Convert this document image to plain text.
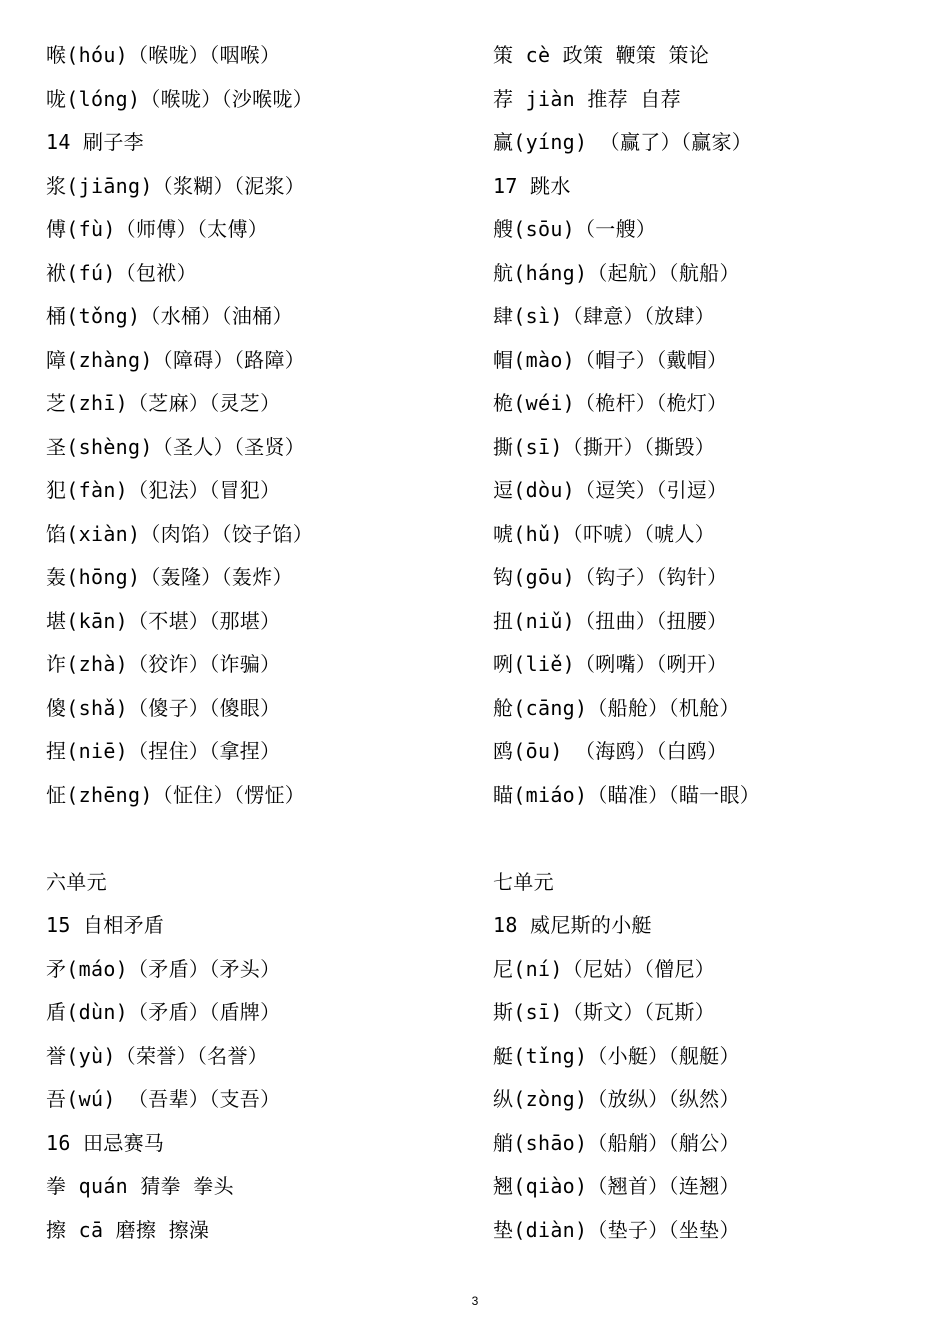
喉(hóu)（喉咙）（咽喉）
咙(lóng)（喉咙）（沙喉咙）
14 刷子李
浆(jiāng)（浆糊）（泥浆）
傅(fù)（师傅）（太傅）
袱(fú)（包袱）
桶(tǒng)（水桶）（油桶）
障(zhàng)（障碍）（路障）
芝(zhī)（芝麻）（灵芝）
圣(shèng)（圣人）（圣贤）
犯(fàn)（犯法）（冒犯）
馅(xiàn)（肉馅）（饺子馅）
轰(hōng)（轰隆）（轰炸）
堪(kān)（不堪）（那堪）
诈(zhà)（狡诈）（诈骗）
傻(shǎ)（傻子）（傻眼）
捏(niē)（捏住）（拿捏）
怔(zhēng)（怔住）（愣怔）
六单元
15 自相矛盾
矛(máo)（矛盾）（矛头）
盾(dùn)（矛盾）（盾牌）
誉(yù)（荣誉）（名誉）
吾(wú) （吾辈）（支吾）
16 田忌赛马
拳 quán 猜拳 拳头
擦 cā 磨擦 擦澡
策 cè 政策 鞭策 策论
荐 jiàn 推荐 自荐
赢(yíng) （赢了）（赢家）
17 跳水
艘(sōu)（一艘）
航(háng)（起航）（航船）
肆(sì)（肆意）（放肆）
帽(mào)（帽子）（戴帽）
桅(wéi)（桅杆）（桅灯）
撕(sī)（撕开）（撕毁）
逗(dòu)（逗笑）（引逗）
唬(hǔ)（吓唬）（唬人）
钩(gōu)（钩子）（钩针）
扭(niǔ)（扭曲）（扭腰）
咧(liě)（咧嘴）（咧开）
舱(cāng)（船舱）（机舱）
鸥(ōu) （海鸥）（白鸥）
瞄(miáo)（瞄准）（瞄一眼）
七单元
18 威尼斯的小艇
尼(ní)（尼姑）（僧尼）
斯(sī)（斯文）（瓦斯）
艇(tǐng)（小艇）（舰艇）
纵(zòng)（放纵）（纵然）
艄(shāo)（船艄）（艄公）
翘(qiào)（翘首）（连翘）
垫(diàn)（垫子）（坐垫）
3
